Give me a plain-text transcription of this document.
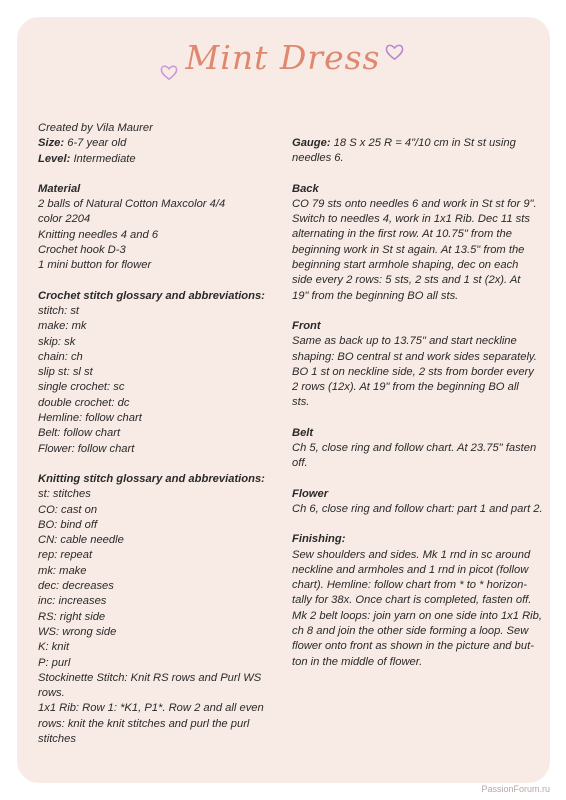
Mint Dress
Created by Vila Maurer
Size: 6-7 year old
Level: Intermediate
Material
2 balls of Natural Cotton Maxcolor 4/4
color 2204
Knitting needles 4 and 6
Crochet hook D-3
1 mini button for flower
Crochet stitch glossary and abbreviations:
stitch: st
make: mk
skip: sk
chain: ch
slip st: sl st
single crochet: sc
double crochet: dc
Hemline: follow chart
Belt: follow chart
Flower: follow chart
Knitting stitch glossary and abbreviations:
st: stitches
CO: cast on
BO: bind off
CN: cable needle
rep: repeat
mk: make
dec: decreases
inc: increases
RS: right side
WS: wrong side
K: knit
P: purl
Stockinette Stitch: Knit RS rows and Purl WS
rows.
1x1 Rib: Row 1: *K1, P1*. Row 2 and all even
rows: knit the knit stitches and purl the purl
stitches
Gauge: 18 S x 25 R = 4"/10 cm in St st using
needles 6.
Back
CO 79 sts onto needles 6 and work in St st for 9".
Switch to needles 4, work in 1x1 Rib. Dec 11 sts
alternating in the first row. At 10.75" from the
beginning work in St st again. At 13.5" from the
beginning start armhole shaping, dec on each
side every 2 rows: 5 sts, 2 sts and 1 st (2x). At
19" from the beginning BO all sts.
Front
Same as back up to 13.75" and start neckline
shaping: BO central st and work sides separately.
BO 1 st on neckline side, 2 sts from border every
2 rows (12x). At 19" from the beginning BO all
sts.
Belt
Ch 5, close ring and follow chart. At 23.75" fasten
off.
Flower
Ch 6, close ring and follow chart: part 1 and part 2.
Finishing:
Sew shoulders and sides. Mk 1 rnd in sc around
neckline and armholes and 1 rnd in picot (follow
chart). Hemline: follow chart from * to * horizon-
tally for 38x. Once chart is completed, fasten off.
Mk 2 belt loops: join yarn on one side into 1x1 Rib,
ch 8 and join the other side forming a loop. Sew
flower onto front as shown in the picture and but-
ton in the middle of flower.
PassionForum.ru
